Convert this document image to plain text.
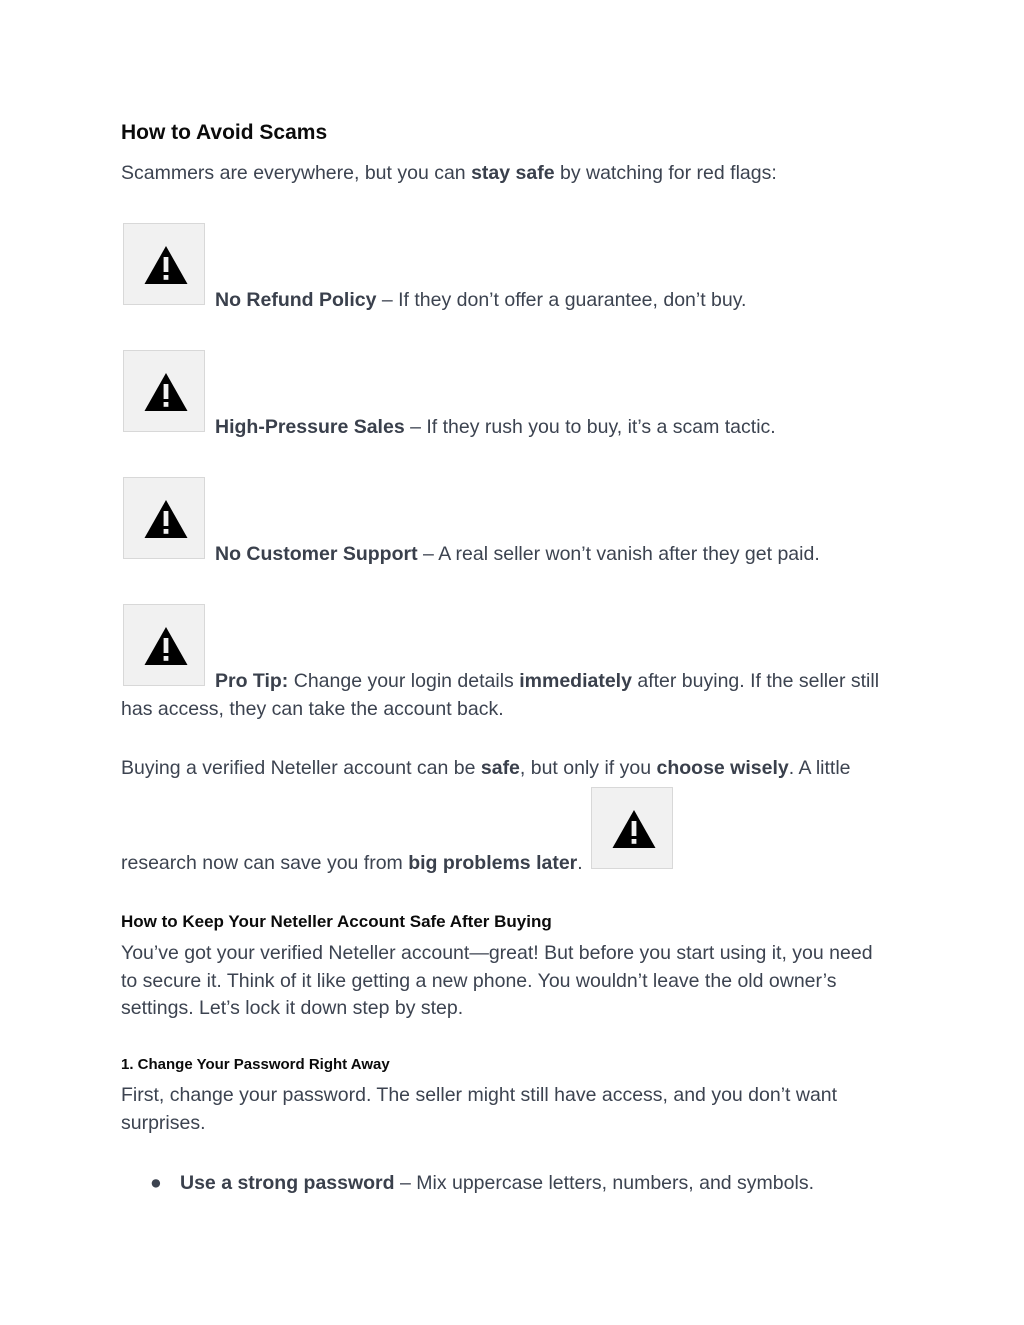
How to Avoid Scams

Scammers are everywhere, but you can stay safe by watching for red flags:

No Refund Policy – If they don’t offer a guarantee, don’t buy.
High-Pressure Sales – If they rush you to buy, it’s a scam tactic.
No Customer Support – A real seller won’t vanish after they get paid.
Pro Tip: Change your login details immediately after buying. If the seller still
has access, they can take the account back.
Buying a verified Neteller account can be safe, but only if you choose wisely. A little
research now can save you from big problems later.
How to Keep Your Neteller Account Safe After Buying
You’ve got your verified Neteller account—great! But before you start using it, you need
to secure it. Think of it like getting a new phone. You wouldn’t leave the old owner’s
settings. Let’s lock it down step by step.
1. Change Your Password Right Away
First, change your password. The seller might still have access, and you don’t want
surprises.
● Use a strong password – Mix uppercase letters, numbers, and symbols.
